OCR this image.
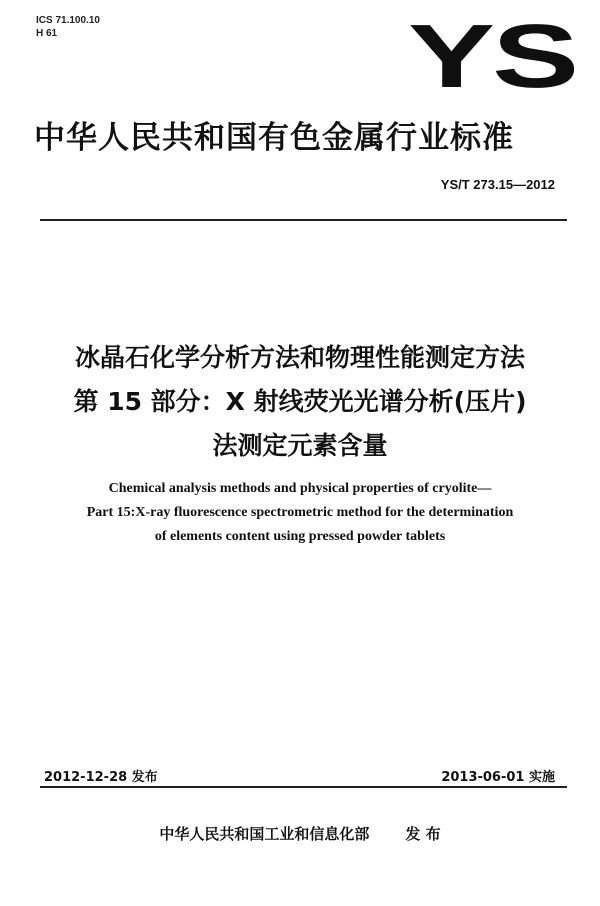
ICS 71.100.10
H 61	YS
中华人民共和国有色金属行业标准
YS/T 273.15—2012
冰晶石化学分析方法和物理性能测定方法
第 15 部分：X 射线荧光光谱分析(压片)
法测定元素含量
Chemical analysis methods and physical properties of cryolite—
Part 15:X-ray fluorescence spectrometric method for the determination
of elements content using pressed powder tablets
2012-12-28 发布	2013-06-01 实施
中华人民共和国工业和信息化部 发 布
